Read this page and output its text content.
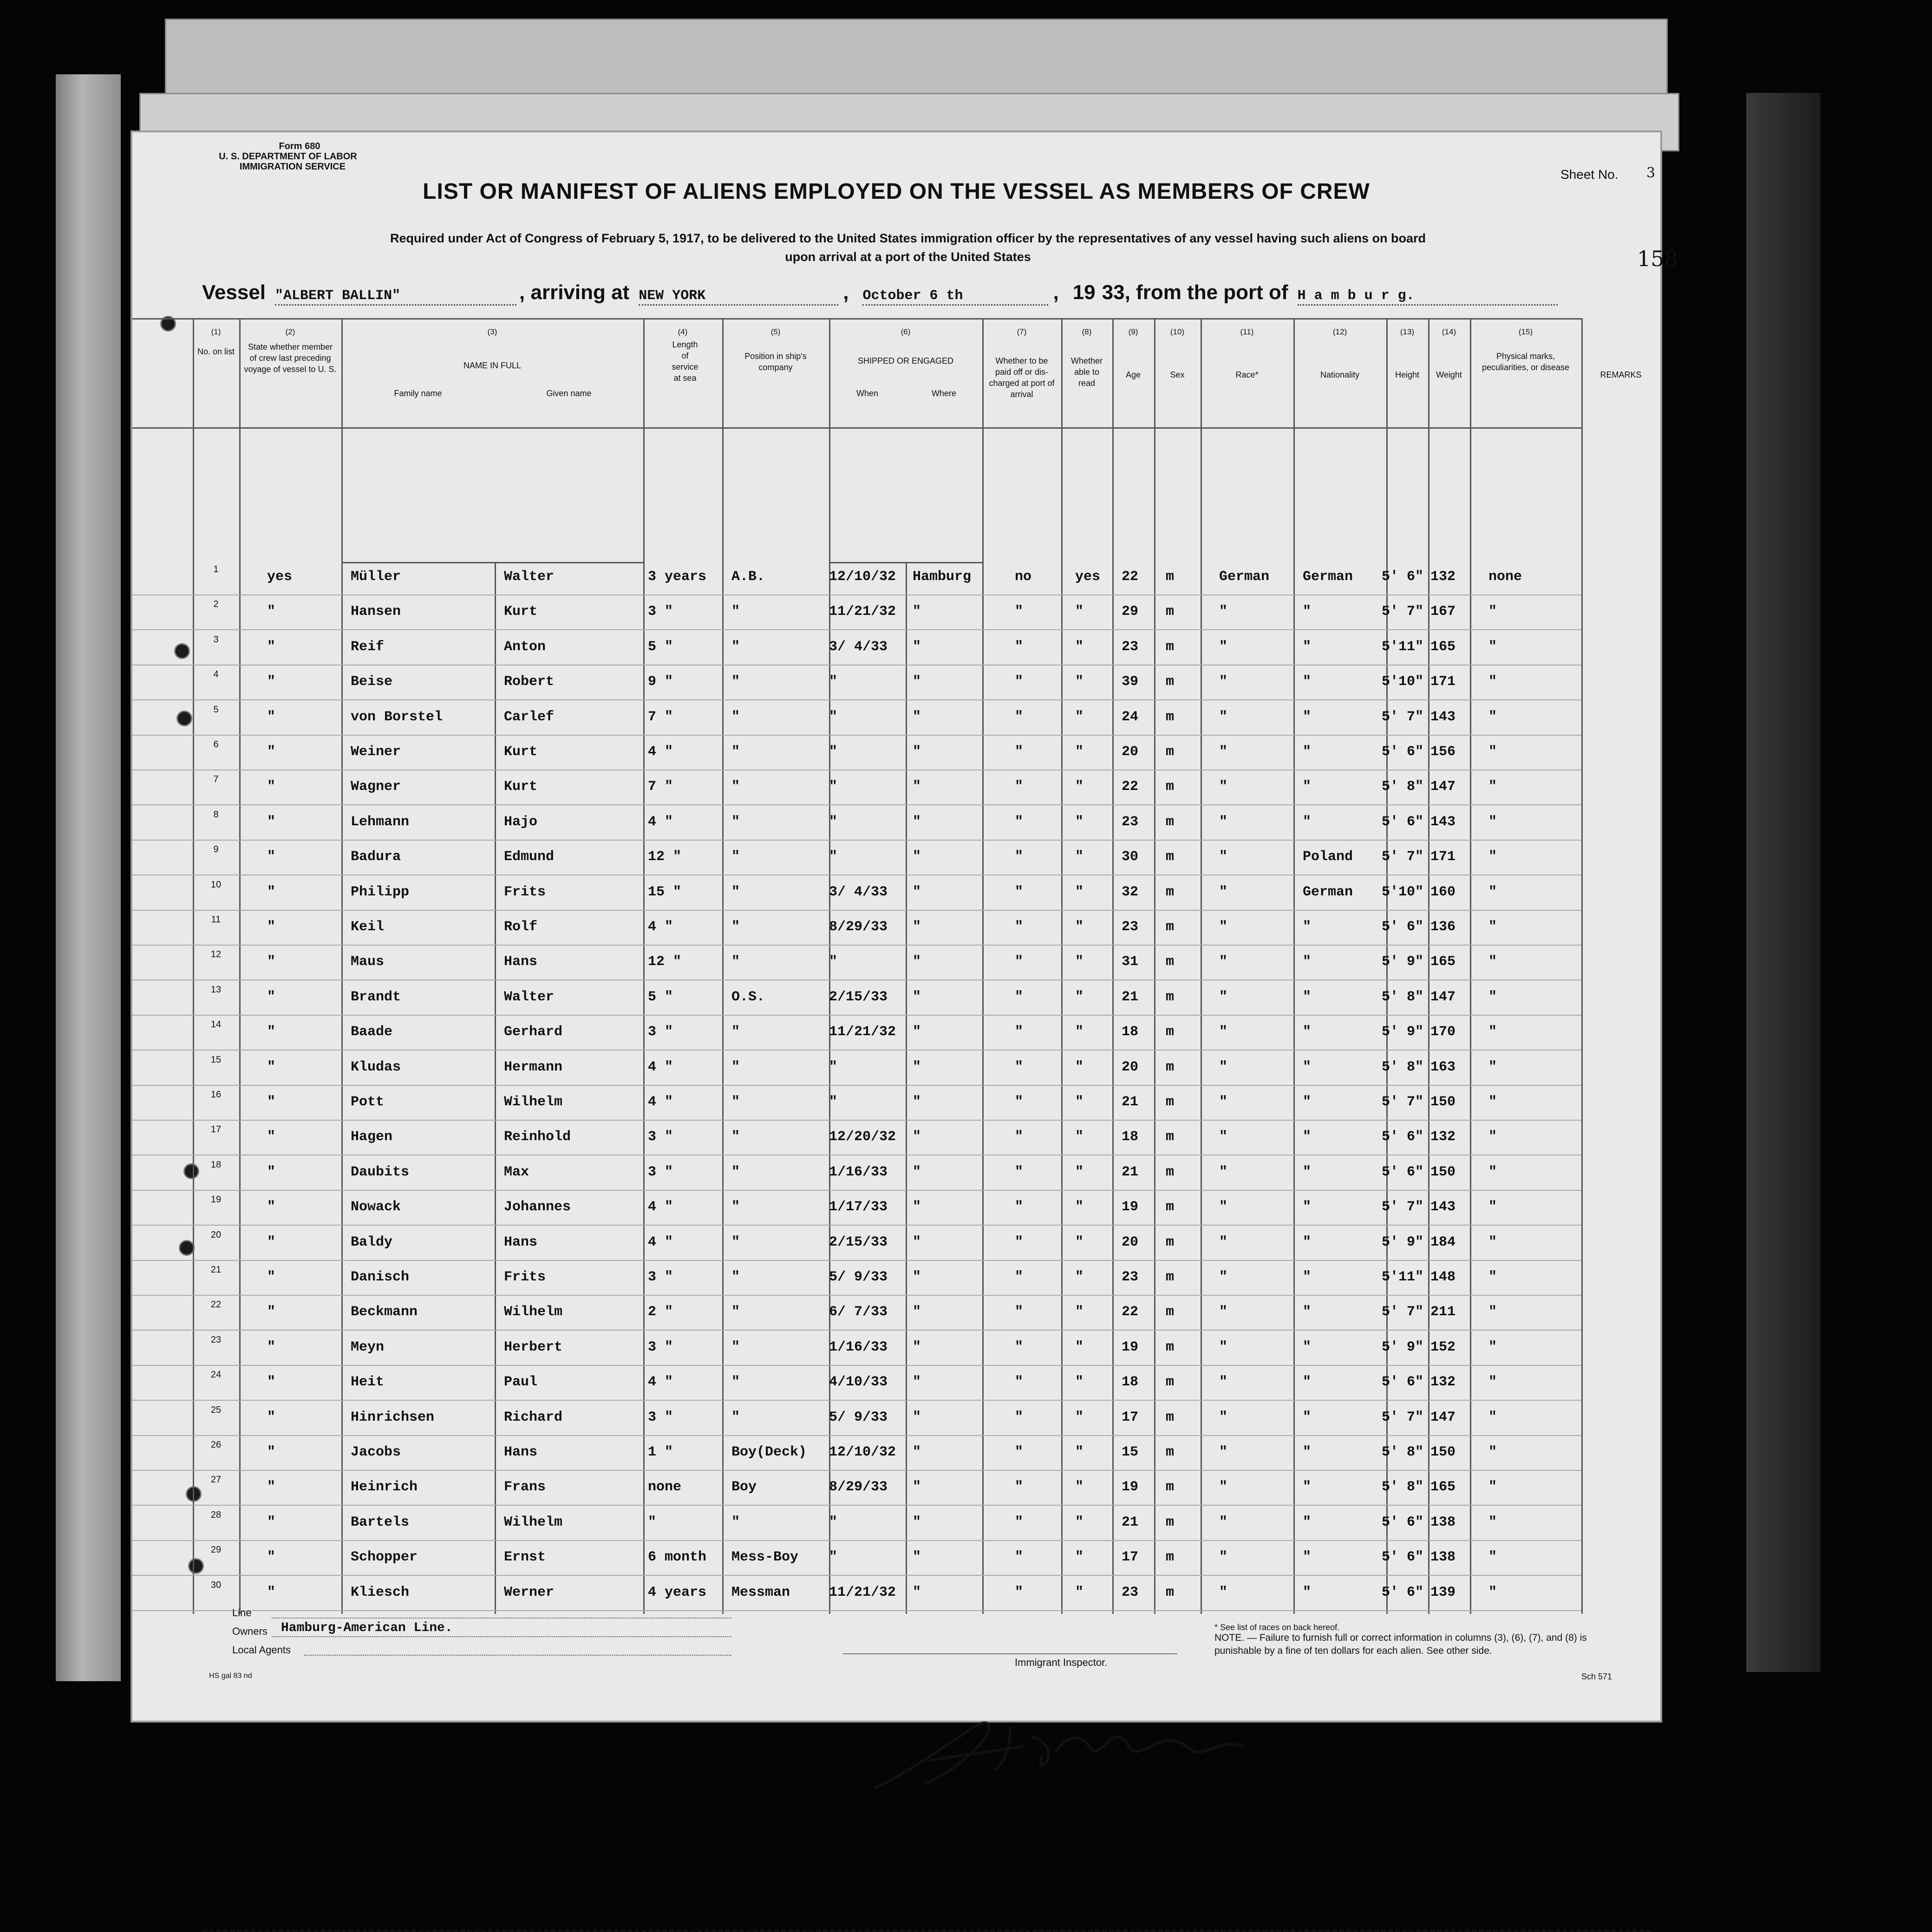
Form 680
U. S. DEPARTMENT OF LABOR
IMMIGRATION SERVICE
Sheet No. 3
LIST OR MANIFEST OF ALIENS EMPLOYED ON THE VESSEL AS MEMBERS OF CREW
Required under Act of Congress of February 5, 1917, to be delivered to the United States immigration officer by the representatives of any vessel having such aliens on board
upon arrival at a port of the United States	158
Vessel "ALBERT BALLIN"	, arriving at NEW YORK	, October 6 th	, 19 33 , from the port of H a m b u r g.
(1)
No. on list
(2)
State whether member of crew last preceding voyage of vessel to U. S.
(3)
NAME IN FULL
Family name	Given name
(4)
Length of service at sea
(5)
Position in ship's company
(6)
SHIPPED OR ENGAGED
When	Where
(7)
Whether to be paid off or dis-charged at port of arrival
(8)
Whether able to read
(9)
Age
(10)
Sex
(11)
Race*
(12)
Nationality
(13)
Height
(14)
Weight
(15)
Physical marks, peculiarities, or disease
REMARKS
1	yes	Müller	Walter	3 years A.B.	12/10/32 Hamburg	no	yes 22 m	German German 5' 6" 132 none
2	"	Hansen	Kurt	3 "	"	11/21/32 "	"	"	29 m	"	"	5' 7" 167 "
3	"	Reif	Anton	5 "	"	3/ 4/33 "	"	"	23 m	"	"	5'11" 165 "
4	"	Beise	Robert	9 "	"	"	"	"	"	39 m	"	"	5'10" 171 "
5	"	von Borstel	Carlef	7 "	"	"	"	"	"	24 m	"	"	5' 7" 143 "
6	"	Weiner	Kurt	4 "	"	"	"	"	"	20 m	"	"	5' 6" 156 "
7	"	Wagner	Kurt	7 "	"	"	"	"	"	22 m	"	"	5' 8" 147 "
8	"	Lehmann	Hajo	4 "	"	"	"	"	"	23 m	"	"	5' 6" 143 "
9	"	Badura	Edmund	12 "	"	"	"	"	"	30 m	"	Poland 5' 7" 171 "
10	"	Philipp	Frits	15 "	"	3/ 4/33 "	"	"	32 m	"	German 5'10" 160 "
11	"	Keil	Rolf	4 "	"	8/29/33 "	"	"	23 m	"	"	5' 6" 136 "
12	"	Maus	Hans	12 "	"	"	"	"	"	31 m	"	"	5' 9" 165 "
13	"	Brandt	Walter	5 "	O.S.	2/15/33 "	"	"	21 m	"	"	5' 8" 147 "
14	"	Baade	Gerhard	3 "	"	11/21/32 "	"	"	18 m	"	"	5' 9" 170 "
15	"	Kludas	Hermann	4 "	"	"	"	"	"	20 m	"	"	5' 8" 163 "
16	"	Pott	Wilhelm	4 "	"	"	"	"	"	21 m	"	"	5' 7" 150 "
17	"	Hagen	Reinhold	3 "	"	12/20/32 "	"	"	18 m	"	"	5' 6" 132 "
18	"	Daubits	Max	3 "	"	1/16/33 "	"	"	21 m	"	"	5' 6" 150 "
19	"	Nowack	Johannes	4 "	"	1/17/33 "	"	"	19 m	"	"	5' 7" 143 "
20	"	Baldy	Hans	4 "	"	2/15/33 "	"	"	20 m	"	"	5' 9" 184 "
21	"	Danisch	Frits	3 "	"	5/ 9/33 "	"	"	23 m	"	"	5'11" 148 "
22	"	Beckmann	Wilhelm	2 "	"	6/ 7/33 "	"	"	22 m	"	"	5' 7" 211 "
23	"	Meyn	Herbert	3 "	"	1/16/33 "	"	"	19 m	"	"	5' 9" 152 "
24	"	Heit	Paul	4 "	"	4/10/33 "	"	"	18 m	"	"	5' 6" 132 "
25	"	Hinrichsen	Richard	3 "	"	5/ 9/33 "	"	"	17 m	"	"	5' 7" 147 "
26	"	Jacobs	Hans	1 "	Boy(Deck) 12/10/32 "	"	"	15 m	"	"	5' 8" 150 "
27	"	Heinrich	Frans	none	Boy	8/29/33 "	"	"	19 m	"	"	5' 8" 165 "
28	"	Bartels	Wilhelm	"	"	"	"	"	"	21 m	"	"	5' 6" 138 "
29	"	Schopper	Ernst	6 month Mess-Boy "	"	"	"	17 m	"	"	5' 6" 138 "
30	"	Kliesch	Werner	4 years Messman	11/21/32 "	"	"	23 m	"	"	5' 6" 139 "
Line
Owners Hamburg-American Line.
Local Agents
HS gal 83 nd
Immigrant Inspector.
* See list of races on back hereof.
NOTE. — Failure to furnish full or correct information in columns (3), (6), (7), and (8) is punishable by a fine of ten dollars for each alien. See other side.
Sch 571
